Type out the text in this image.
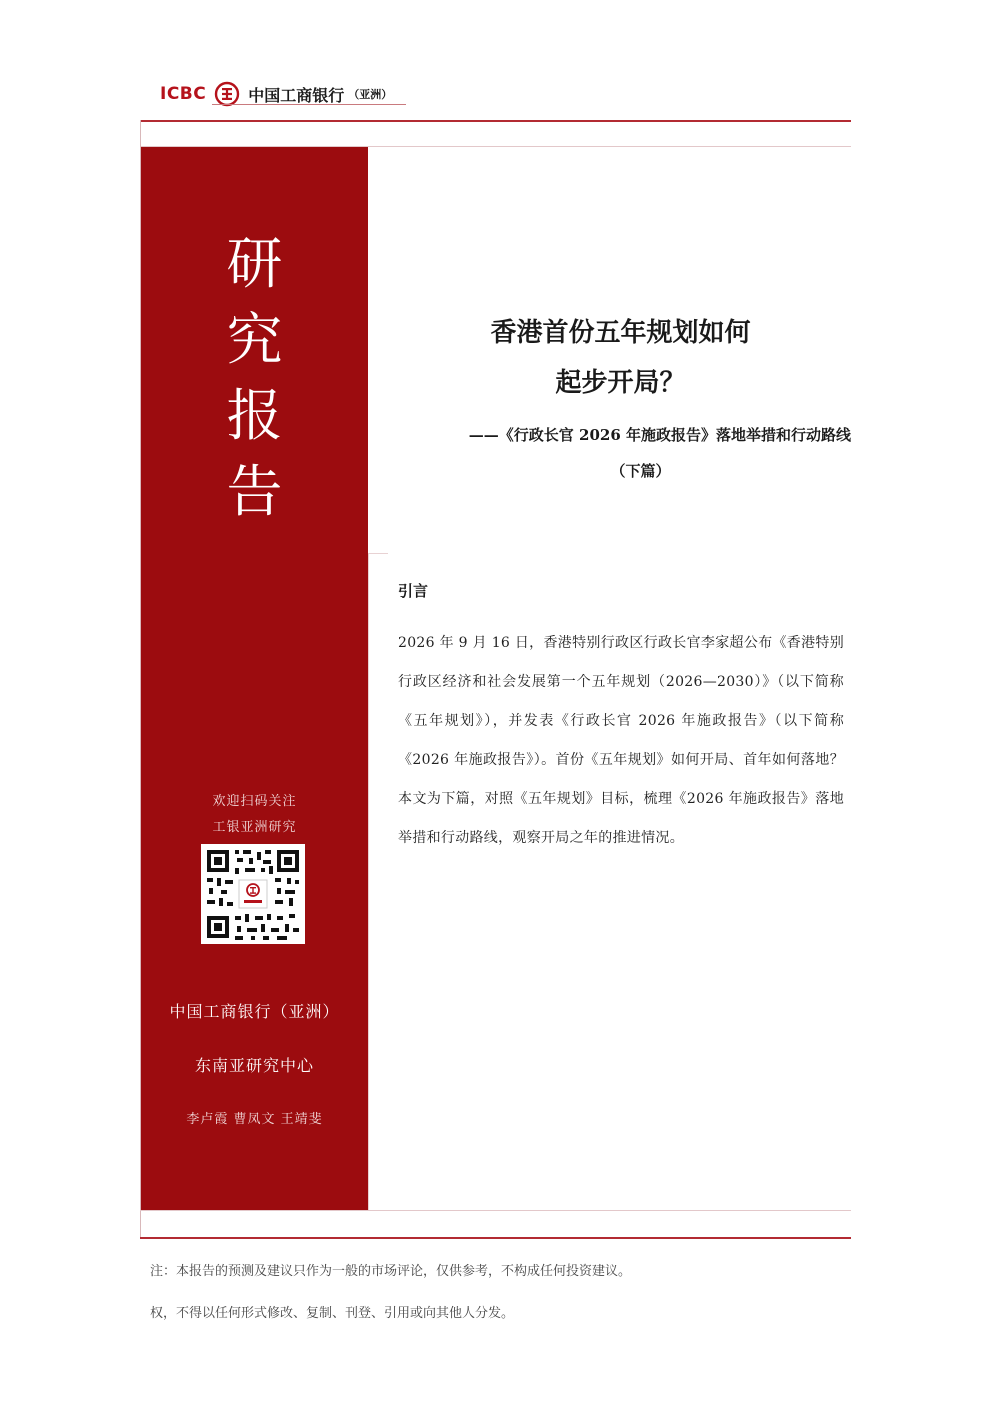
ICBC	中国工商银行 （亚洲）
研
究
报
告
欢迎扫码关注
工银亚洲研究
中国工商银行（亚洲）
东南亚研究中心
李卢霞 曹凤文 王靖斐
香港首份五年规划如何
起步开局？
——《行政长官 2026 年施政报告》落地举措和行动路线
（下篇）
引言
2026 年 9 月 16 日，香港特别行政区行政长官李家超公布《香港特别行政区经济和社会发展第一个五年规划（2026—2030）》（以下简称《五年规划》），并发表《行政长官 2026 年施政报告》（以下简称《2026 年施政报告》）。首份《五年规划》如何开局、首年如何落地？本文为下篇，对照《五年规划》目标，梳理《2026 年施政报告》落地举措和行动路线，观察开局之年的推进情况。
注：本报告的预测及建议只作为一般的市场评论，仅供参考，不构成任何投资建议。
权，不得以任何形式修改、复制、刊登、引用或向其他人分发。
